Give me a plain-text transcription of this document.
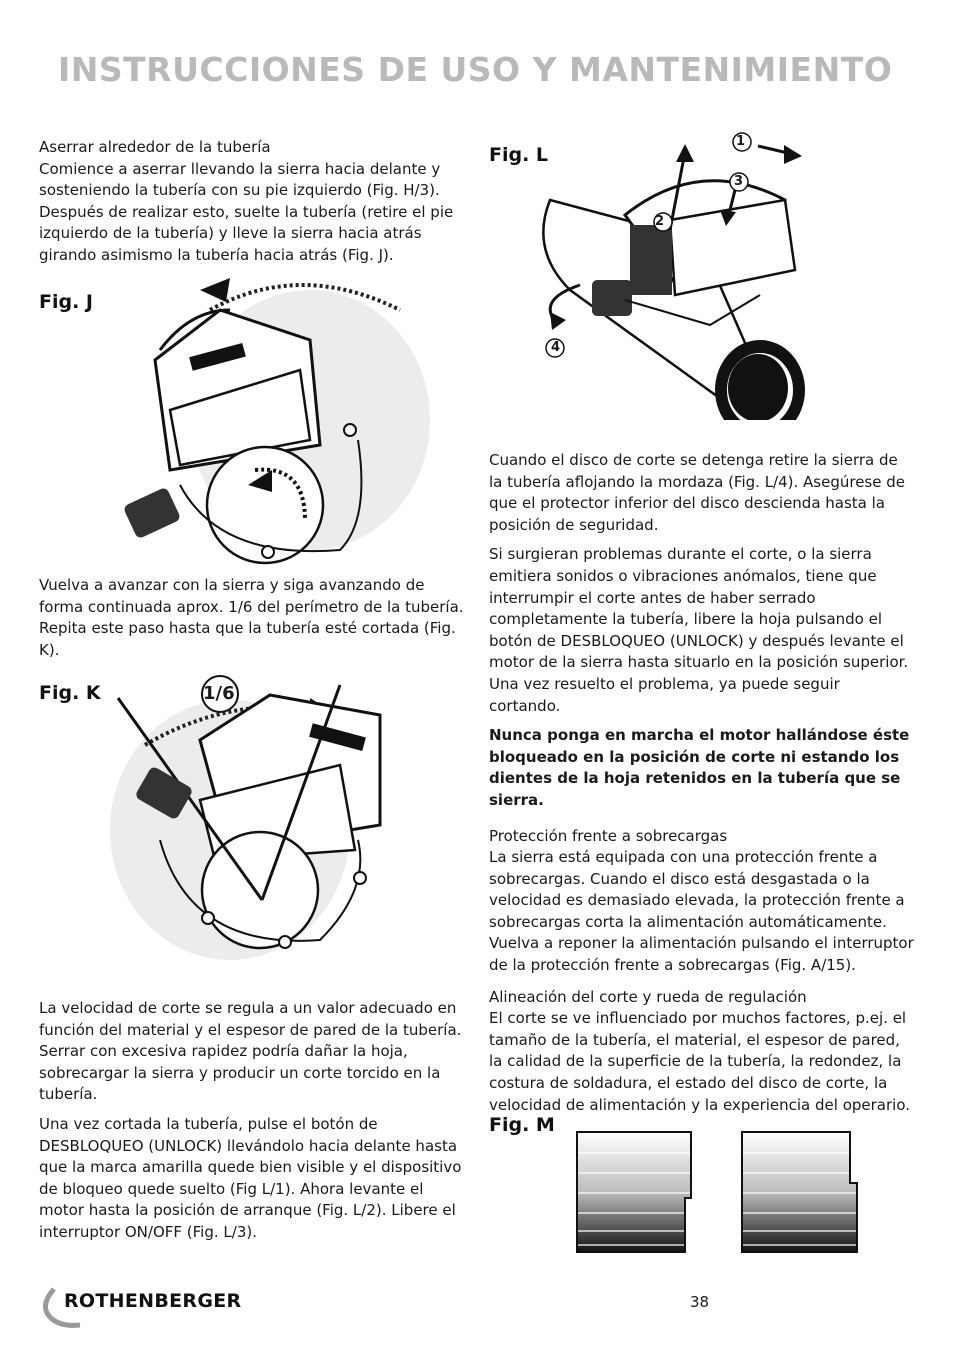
INSTRUCCIONES DE USO Y MANTENIMIENTO

Aserrar alrededor de la tubería

Comience a aserrar llevando la sierra hacia delante y sosteniendo la tubería con su pie izquierdo (Fig. H/3). Después de realizar esto, suelte la tubería (retire el pie izquierdo de la tubería) y lleve la sierra hacia atrás girando asimismo la tubería hacia atrás (Fig. J).

Fig. J

Vuelva a avanzar con la sierra y siga avanzando de forma continuada aprox. 1/6 del perímetro de la tubería. Repita este paso hasta que la tubería esté cortada (Fig. K).

Fig. K	1/6

La velocidad de corte se regula a un valor adecuado en función del material y el espesor de pared de la tubería. Serrar con excesiva rapidez podría dañar la hoja, sobrecargar la sierra y producir un corte torcido en la tubería.

Una vez cortada la tubería, pulse el botón de DESBLOQUEO (UNLOCK) llevándolo hacia delante hasta que la marca amarilla quede bien visible y el dispositivo de bloqueo quede suelto (Fig L/1). Ahora levante el motor hasta la posición de arranque (Fig. L/2). Libere el interruptor ON/OFF (Fig. L/3).

Fig. L
1
2
3
4

Cuando el disco de corte se detenga retire la sierra de la tubería aflojando la mordaza (Fig. L/4). Asegúrese de que el protector inferior del disco descienda hasta la posición de seguridad.

Si surgieran problemas durante el corte, o la sierra emitiera sonidos o vibraciones anómalos, tiene que interrumpir el corte antes de haber serrado completamente la tubería, libere la hoja pulsando el botón de DESBLOQUEO (UNLOCK) y después levante el motor de la sierra hasta situarlo en la posición superior. Una vez resuelto el problema, ya puede seguir cortando.

Nunca ponga en marcha el motor hallándose éste bloqueado en la posición de corte ni estando los dientes de la hoja retenidos en la tubería que se sierra.

Protección frente a sobrecargas

La sierra está equipada con una protección frente a sobrecargas. Cuando el disco está desgastada o la velocidad es demasiado elevada, la protección frente a sobrecargas corta la alimentación automáticamente. Vuelva a reponer la alimentación pulsando el interruptor de la protección frente a sobrecargas (Fig. A/15).

Alineación del corte y rueda de regulación

El corte se ve influenciado por muchos factores, p.ej. el tamaño de la tubería, el material, el espesor de pared, la calidad de la superficie de la tubería, la redondez, la costura de soldadura, el estado del disco de corte, la velocidad de alimentación y la experiencia del operario.

Fig. M
ROTHENBERGER	38
